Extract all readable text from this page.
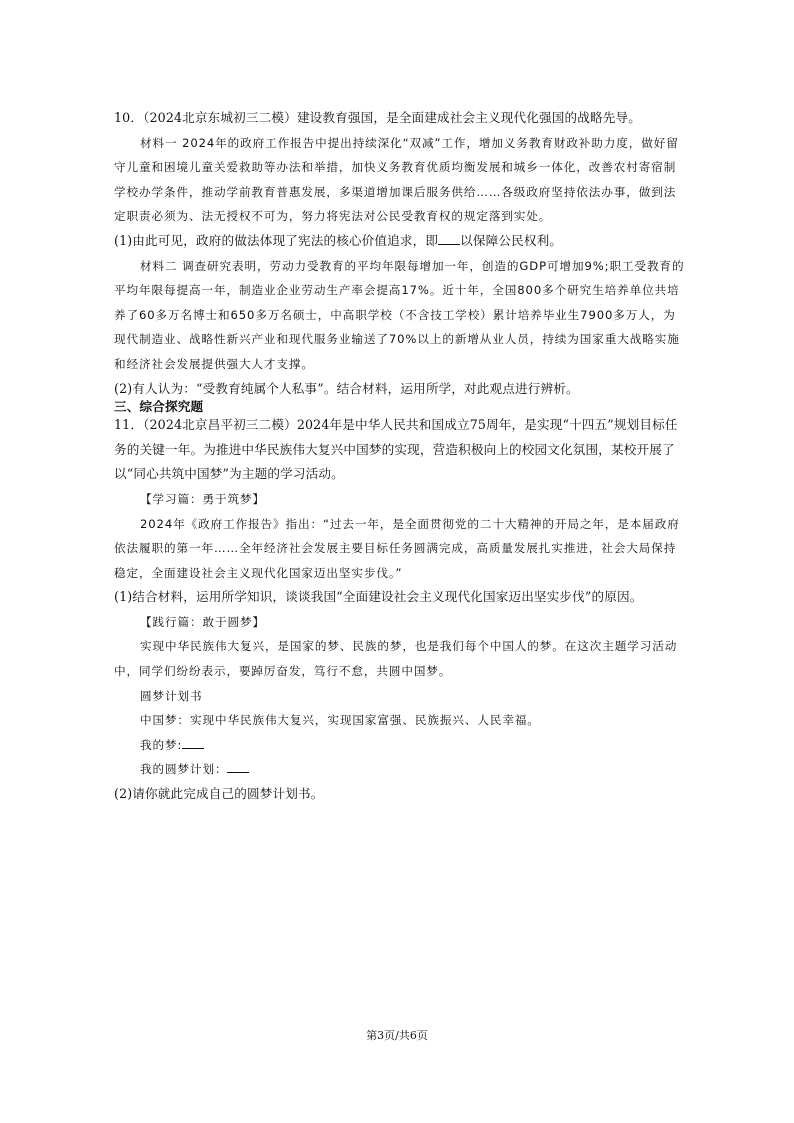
10．（2024北京东城初三二模）建设教育强国，是全面建成社会主义现代化强国的战略先导。

材料一 2024年的政府工作报告中提出持续深化“双减”工作，增加义务教育财政补助力度，做好留守儿童和困境儿童关爱救助等办法和举措，加快义务教育优质均衡发展和城乡一体化，改善农村寄宿制学校办学条件，推动学前教育普惠发展，多渠道增加课后服务供给……各级政府坚持依法办事，做到法定职责必须为、法无授权不可为，努力将宪法对公民受教育权的规定落到实处。

(1)由此可见，政府的做法体现了宪法的核心价值追求，即 以保障公民权利。

材料二 调查研究表明，劳动力受教育的平均年限每增加一年，创造的GDP可增加9%;职工受教育的平均年限每提高一年，制造业企业劳动生产率会提高17%。近十年，全国800多个研究生培养单位共培养了60多万名博士和650多万名硕士，中高职学校（不含技工学校）累计培养毕业生7900多万人，为现代制造业、战略性新兴产业和现代服务业输送了70%以上的新增从业人员，持续为国家重大战略实施和经济社会发展提供强大人才支撑。

(2)有人认为：“受教育纯属个人私事”。结合材料，运用所学，对此观点进行辨析。

三、综合探究题

11．（2024北京昌平初三二模）2024年是中华人民共和国成立75周年，是实现“十四五”规划目标任务的关键一年。为推进中华民族伟大复兴中国梦的实现，营造积极向上的校园文化氛围，某校开展了以“同心共筑中国梦”为主题的学习活动。

【学习篇：勇于筑梦】

2024年《政府工作报告》指出：“过去一年，是全面贯彻党的二十大精神的开局之年，是本届政府依法履职的第一年……全年经济社会发展主要目标任务圆满完成，高质量发展扎实推进，社会大局保持稳定，全面建设社会主义现代化国家迈出坚实步伐。”

(1)结合材料，运用所学知识，谈谈我国“全面建设社会主义现代化国家迈出坚实步伐”的原因。

【践行篇：敢于圆梦】

实现中华民族伟大复兴，是国家的梦、民族的梦，也是我们每个中国人的梦。在这次主题学习活动中，同学们纷纷表示，要踔厉奋发，笃行不怠，共圆中国梦。

圆梦计划书

中国梦：实现中华民族伟大复兴，实现国家富强、民族振兴、人民幸福。

我的梦:

我的圆梦计划：

(2)请你就此完成自己的圆梦计划书。

第3页/共6页
